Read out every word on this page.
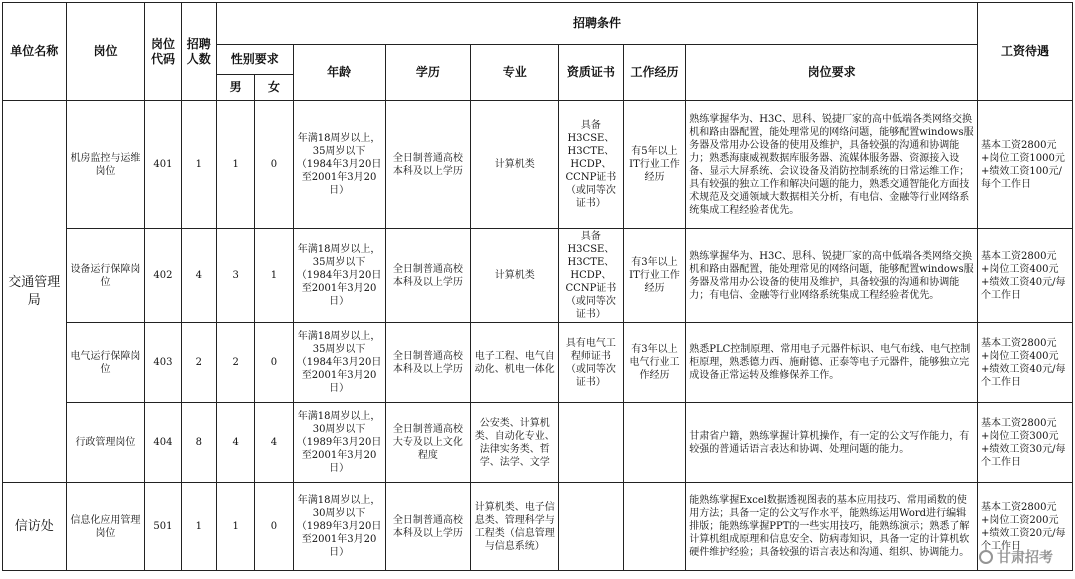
单位名称	岗位	岗位代码	招聘人数	招聘条件								工资待遇
				性别要求		年龄	学历	专业	资质证书	工作经历	岗位要求	
				男	女							
交通管理局	机房监控与运维岗位	401	1	1	0	年满18周岁以上，35周岁以下（1984年3月20日至2001年3月20日）	全日制普通高校本科及以上学历	计算机类	具备H3CSE、H3CTE、HCDP、CCNP证书（或同等次证书）	有5年以上IT行业工作经历	熟练掌握华为、H3C、思科、锐捷厂家的高中低端各类网络交换机和路由器配置，能处理常见的网络问题，能够配置windows服务器及常用办公设备的使用及维护，具备较强的沟通和协调能力；熟悉海康威视数据库服务器、流媒体服务器、资源接入设备、显示大屏系统、会议设备及消防控制系统的日常运维工作；具有较强的独立工作和解决问题的能力，熟悉交通智能化方面技术规范及交通领域大数据相关分析，有电信、金融等行业网络系统集成工程经验者优先。	基本工资2800元+岗位工资1000元+绩效工资100元/每个工作日
	设备运行保障岗位	402	4	3	1	年满18周岁以上，35周岁以下（1984年3月20日至2001年3月20日）	全日制普通高校本科及以上学历	计算机类	具备H3CSE、H3CTE、HCDP、CCNP证书（或同等次证书）	有3年以上IT行业工作经历	熟练掌握华为、H3C、思科、锐捷厂家的高中低端各类网络交换机和路由器配置，能处理常见的网络问题，能够配置windows服务器及常用办公设备的使用及维护，具备较强的沟通和协调能力；有电信、金融等行业网络系统集成工程经验者优先。	基本工资2800元+岗位工资400元+绩效工资40元/每个工作日
	电气运行保障岗位	403	2	2	0	年满18周岁以上，35周岁以下（1984年3月20日至2001年3月20日）	全日制普通高校本科及以上学历	电子工程、电气自动化、机电一体化	具有电气工程师证书（或同等次证书）	有3年以上电气行业工作经历	熟悉PLC控制原理、常用电子元器件标识、电气布线、电气控制柜原理，熟悉德力西、施耐德、正泰等电子元器件，能够独立完成设备正常运转及维修保养工作。	基本工资2800元+岗位工资400元+绩效工资40元/每个工作日
	行政管理岗位	404	8	4	4	年满18周岁以上，30周岁以下（1989年3月20日至2001年3月20日）	全日制普通高校大专及以上文化程度	公安类、计算机类、自动化专业、法律实务类、哲学、法学、文学			甘肃省户籍，熟练掌握计算机操作，有一定的公文写作能力，有较强的普通话语言表达和协调、处理问题的能力。	基本工资2800元+岗位工资300元+绩效工资30元/每个工作日
信访处	信息化应用管理岗位	501	1	1	0	年满18周岁以上，30周岁以下（1989年3月20日至2001年3月20日）	全日制普通高校本科及以上学历	计算机类、电子信息类、管理科学与工程类（信息管理与信息系统）			能熟练掌握Excel数据透视图表的基本应用技巧、常用函数的使用方法；具备一定的公文写作水平，能熟练运用Word进行编辑排版；能熟练掌握PPT的一些实用技巧，能熟练演示；熟悉了解计算机组成原理和信息安全、防病毒知识，具备一定的计算机软硬件维护经验；具备较强的语言表达和沟通、组织、协调能力。	基本工资2800元+岗位工资200元+绩效工资20元/每个工作日
甘肃招考
